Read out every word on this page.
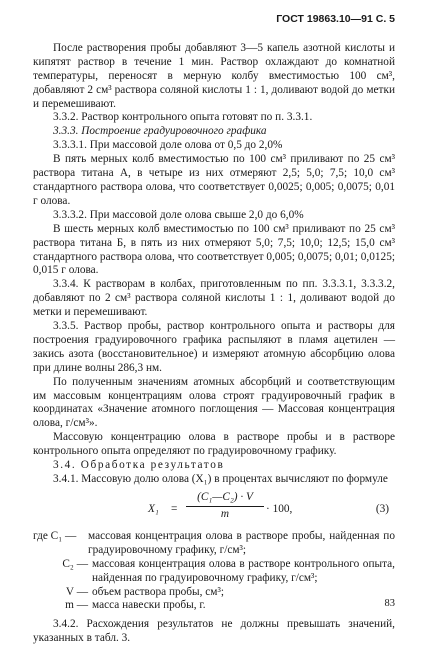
ГОСТ 19863.10—91 С. 5

После растворения пробы добавляют 3—5 капель азотной кислоты и кипятят раствор в течение 1 мин. Раствор охлаждают до комнатной температуры, переносят в мерную колбу вместимостью 100 см³, добавляют 2 см³ раствора соляной кислоты 1 : 1, доливают водой до метки и перемешивают.

3.3.2. Раствор контрольного опыта готовят по п. 3.3.1.

3.3.3. Построение градуировочного графика

3.3.3.1. При массовой доле олова от 0,5 до 2,0%

В пять мерных колб вместимостью по 100 см³ приливают по 25 см³ раствора титана А, в четыре из них отмеряют 2,5; 5,0; 7,5; 10,0 см³ стандартного раствора олова, что соответствует 0,0025; 0,005; 0,0075; 0,01 г олова.

3.3.3.2. При массовой доле олова свыше 2,0 до 6,0%

В шесть мерных колб вместимостью по 100 см³ приливают по 25 см³ раствора титана Б, в пять из них отмеряют 5,0; 7,5; 10,0; 12,5; 15,0 см³ стандартного раствора олова, что соответствует 0,005; 0,0075; 0,01; 0,0125; 0,015 г олова.

3.3.4. К растворам в колбах, приготовленным по пп. 3.3.3.1, 3.3.3.2, добавляют по 2 см³ раствора соляной кислоты 1 : 1, доливают водой до метки и перемешивают.

3.3.5. Раствор пробы, раствор контрольного опыта и растворы для построения градуировочного графика распыляют в пламя ацетилен — закись азота (восстановительное) и измеряют атомную абсорбцию олова при длине волны 286,3 нм.

По полученным значениям атомных абсорбций и соответствующим им массовым концентрациям олова строят градуировочный график в координатах «Значение атомного поглощения — Массовая концентрация олова, г/см³».

Массовую концентрацию олова в растворе пробы и в растворе контрольного опыта определяют по градуировочному графику.

3.4. Обработка результатов

3.4.1. Массовую долю олова (X₁) в процентах вычисляют по формуле

$X_1 = \frac{\text{(C₁—C₂) · V}}{m} \cdot 100$,	(3)
где C₁ —	массовая концентрация олова в растворе пробы, найденная по градуировочному графику, г/см³;
C₂ — массовая концентрация олова в растворе контрольного опыта, найденная по градуировочному графику, г/см³;
V — объем раствора пробы, см³;
m — масса навески пробы, г.

3.4.2. Расхождения результатов не должны превышать значений, указанных в табл. 3.

83
